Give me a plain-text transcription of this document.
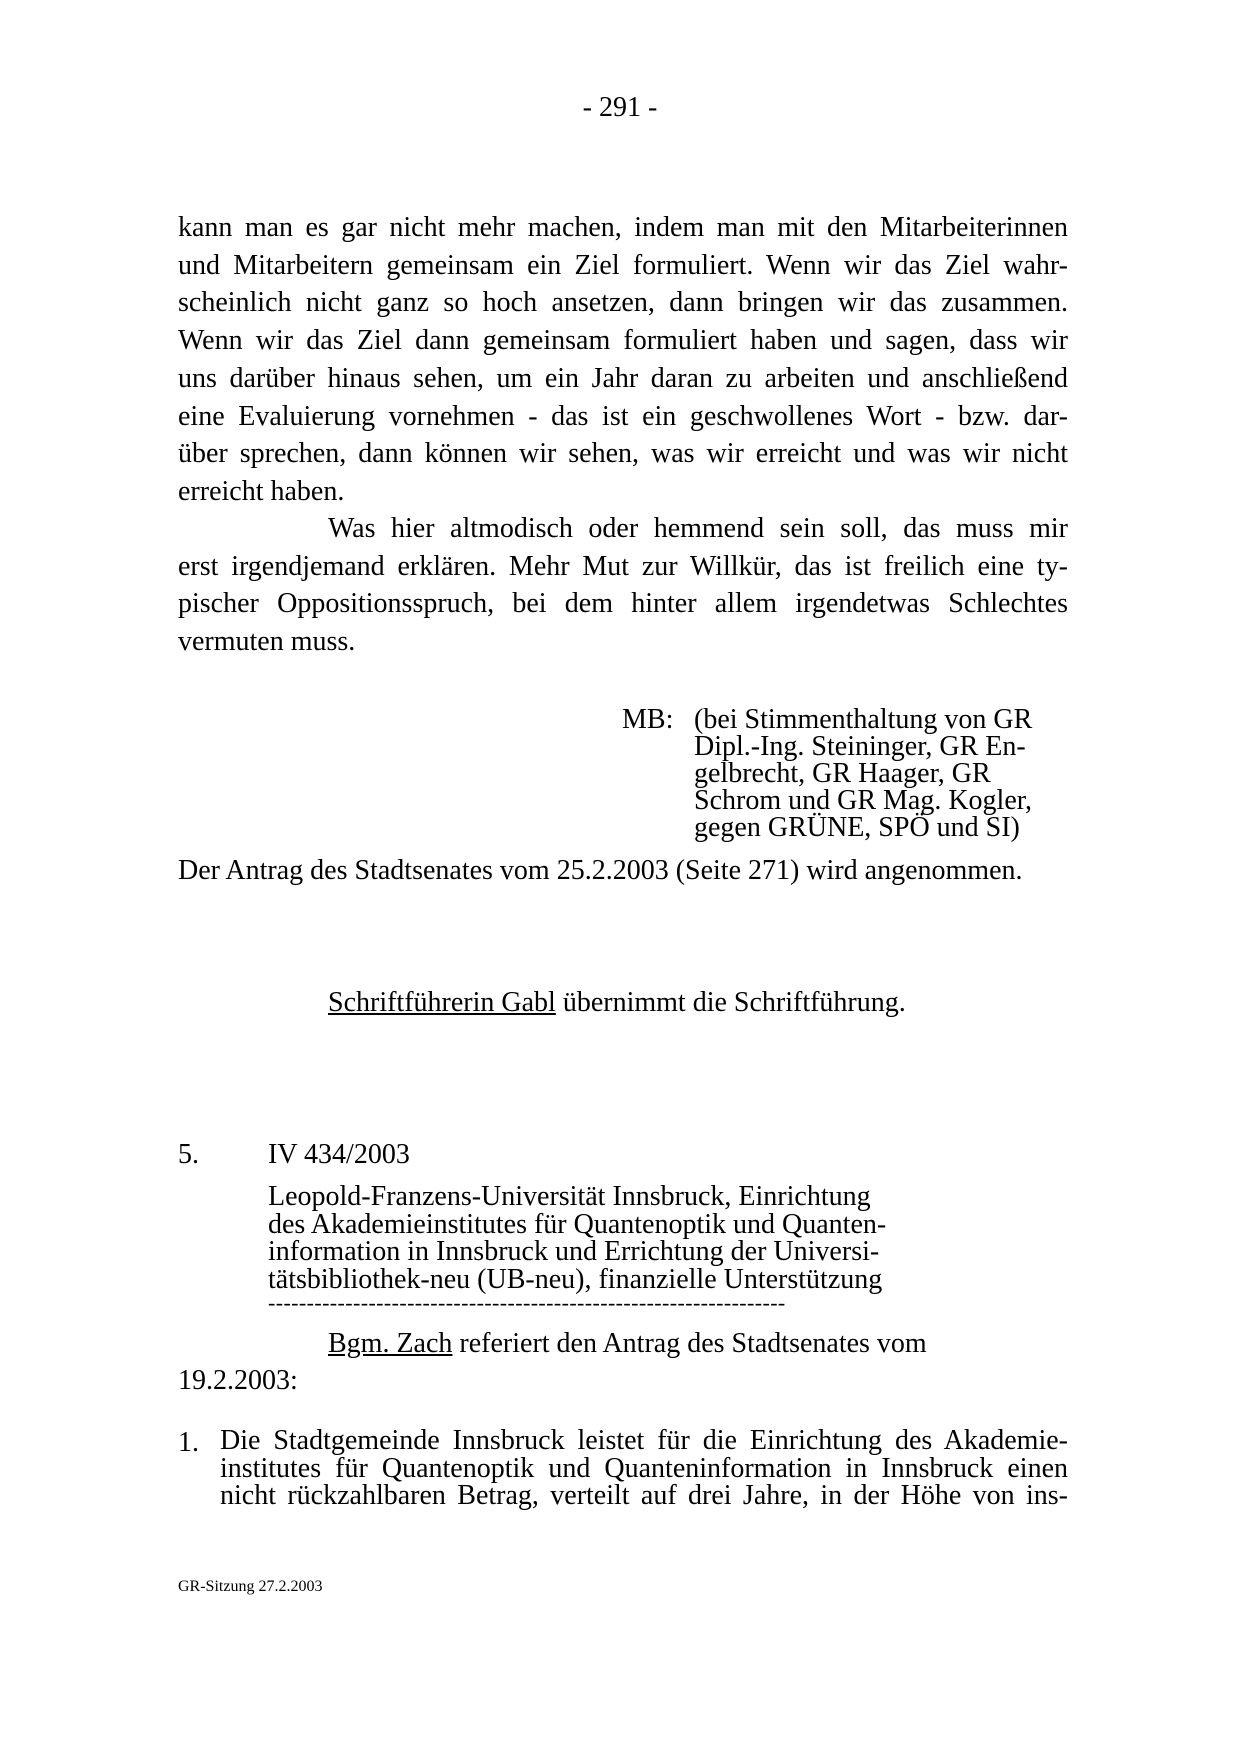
- 291 -
kann man es gar nicht mehr machen, indem man mit den Mitarbeiterinnen
und Mitarbeitern gemeinsam ein Ziel formuliert. Wenn wir das Ziel wahr-
scheinlich nicht ganz so hoch ansetzen, dann bringen wir das zusammen.
Wenn wir das Ziel dann gemeinsam formuliert haben und sagen, dass wir
uns darüber hinaus sehen, um ein Jahr daran zu arbeiten und anschließend
eine Evaluierung vornehmen - das ist ein geschwollenes Wort - bzw. dar-
über sprechen, dann können wir sehen, was wir erreicht und was wir nicht
erreicht haben.
Was hier altmodisch oder hemmend sein soll, das muss mir
erst irgendjemand erklären. Mehr Mut zur Willkür, das ist freilich eine ty-
pischer Oppositionsspruch, bei dem hinter allem irgendetwas Schlechtes
vermuten muss.
MB: (bei Stimmenthaltung von GR
Dipl.-Ing. Steininger, GR En-
gelbrecht, GR Haager, GR
Schrom und GR Mag. Kogler,
gegen GRÜNE, SPÖ und SI)
Der Antrag des Stadtsenates vom 25.2.2003 (Seite 271) wird angenommen.
Schriftführerin Gabl übernimmt die Schriftführung.
5. IV 434/2003
Leopold-Franzens-Universität Innsbruck, Einrichtung
des Akademieinstitutes für Quantenoptik und Quanten-
information in Innsbruck und Errichtung der Universi-
tätsbibliothek-neu (UB-neu), finanzielle Unterstützung
-------------------------------------------------------------------
Bgm. Zach referiert den Antrag des Stadtsenates vom
19.2.2003:
1. Die Stadtgemeinde Innsbruck leistet für die Einrichtung des Akademie-
institutes für Quantenoptik und Quanteninformation in Innsbruck einen
nicht rückzahlbaren Betrag, verteilt auf drei Jahre, in der Höhe von ins-
GR-Sitzung 27.2.2003
